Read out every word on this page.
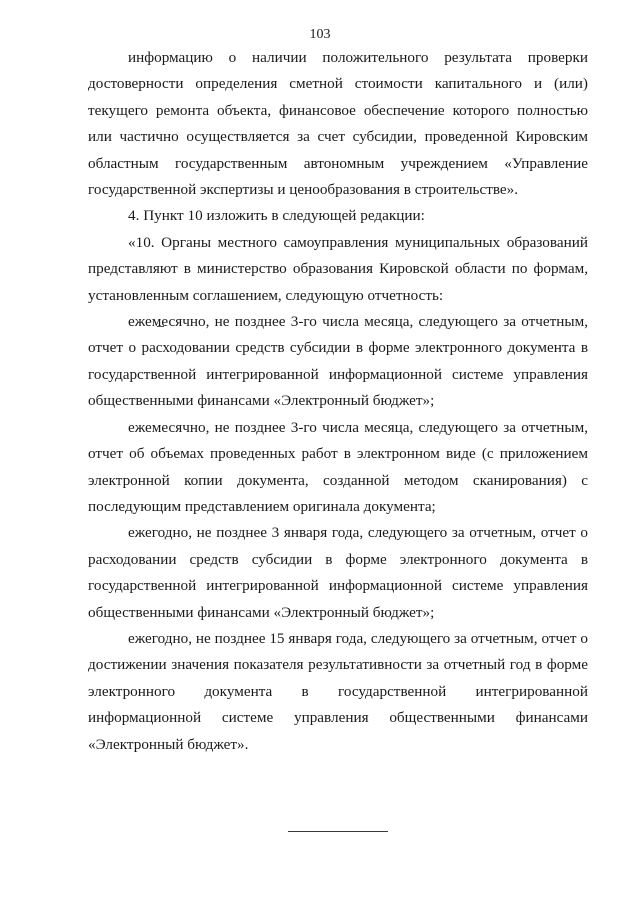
103

информацию о наличии положительного результата проверки достоверности определения сметной стоимости капитального и (или) текущего ремонта объекта, финансовое обеспечение которого полностью или частично осуществляется за счет субсидии, проведенной Кировским областным государственным автономным учреждением «Управление государственной экспертизы и ценообразования в строительстве».

4. Пункт 10 изложить в следующей редакции:

«10. Органы местного самоуправления муниципальных образований представляют в министерство образования Кировской области по формам, установленным соглашением, следующую отчетность:

ежемесячно, не позднее 3-го числа месяца, следующего за отчетным, отчет о расходовании средств субсидии в форме электронного документа в государственной интегрированной информационной системе управления общественными финансами «Электронный бюджет»;

ежемесячно, не позднее 3-го числа месяца, следующего за отчетным, отчет об объемах проведенных работ в электронном виде (с приложением электронной копии документа, созданной методом сканирования) с последующим представлением оригинала документа;

ежегодно, не позднее 3 января года, следующего за отчетным, отчет о расходовании средств субсидии в форме электронного документа в государственной интегрированной информационной системе управления общественными финансами «Электронный бюджет»;

ежегодно, не позднее 15 января года, следующего за отчетным, отчет о достижении значения показателя результативности за отчетный год в форме электронного документа в государственной интегрированной информационной системе управления общественными финансами «Электронный бюджет».
